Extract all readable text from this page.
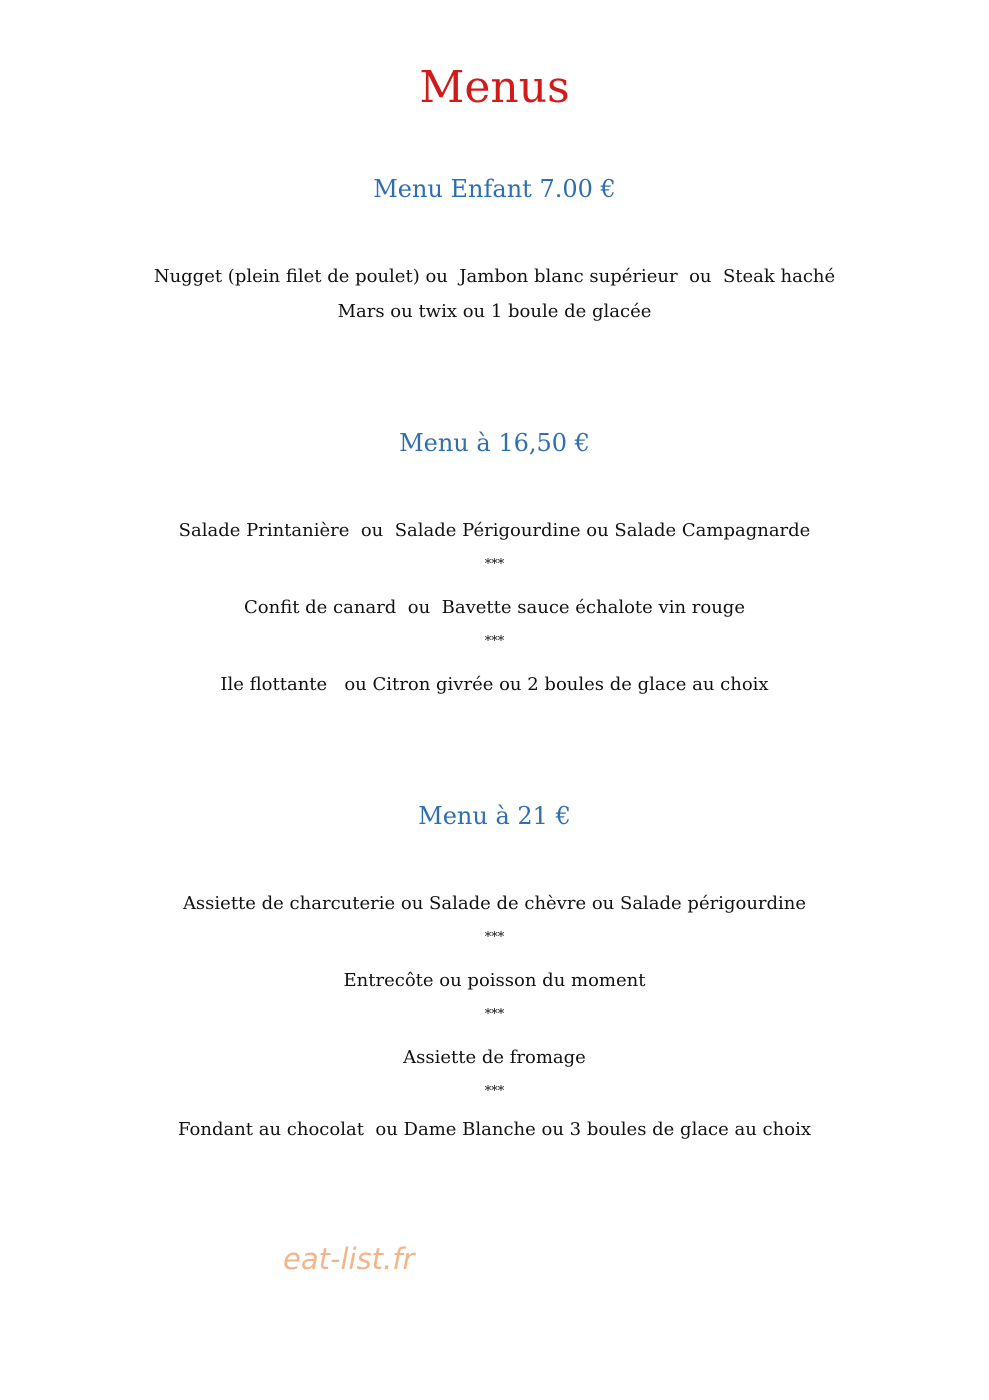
Menus
Menu Enfant 7.00 €

Nugget (plein filet de poulet) ou  Jambon blanc supérieur  ou  Steak haché

Mars ou twix ou 1 boule de glacée

Menu à 16,50 €

Salade Printanière  ou  Salade Périgourdine ou Salade Campagnarde

***

Confit de canard  ou  Bavette sauce échalote vin rouge

***

Ile flottante   ou Citron givrée ou 2 boules de glace au choix

Menu à 21 €

Assiette de charcuterie ou Salade de chèvre ou Salade périgourdine

***

Entrecôte ou poisson du moment

***

Assiette de fromage

***

Fondant au chocolat  ou Dame Blanche ou 3 boules de glace au choix

eat-list.fr
